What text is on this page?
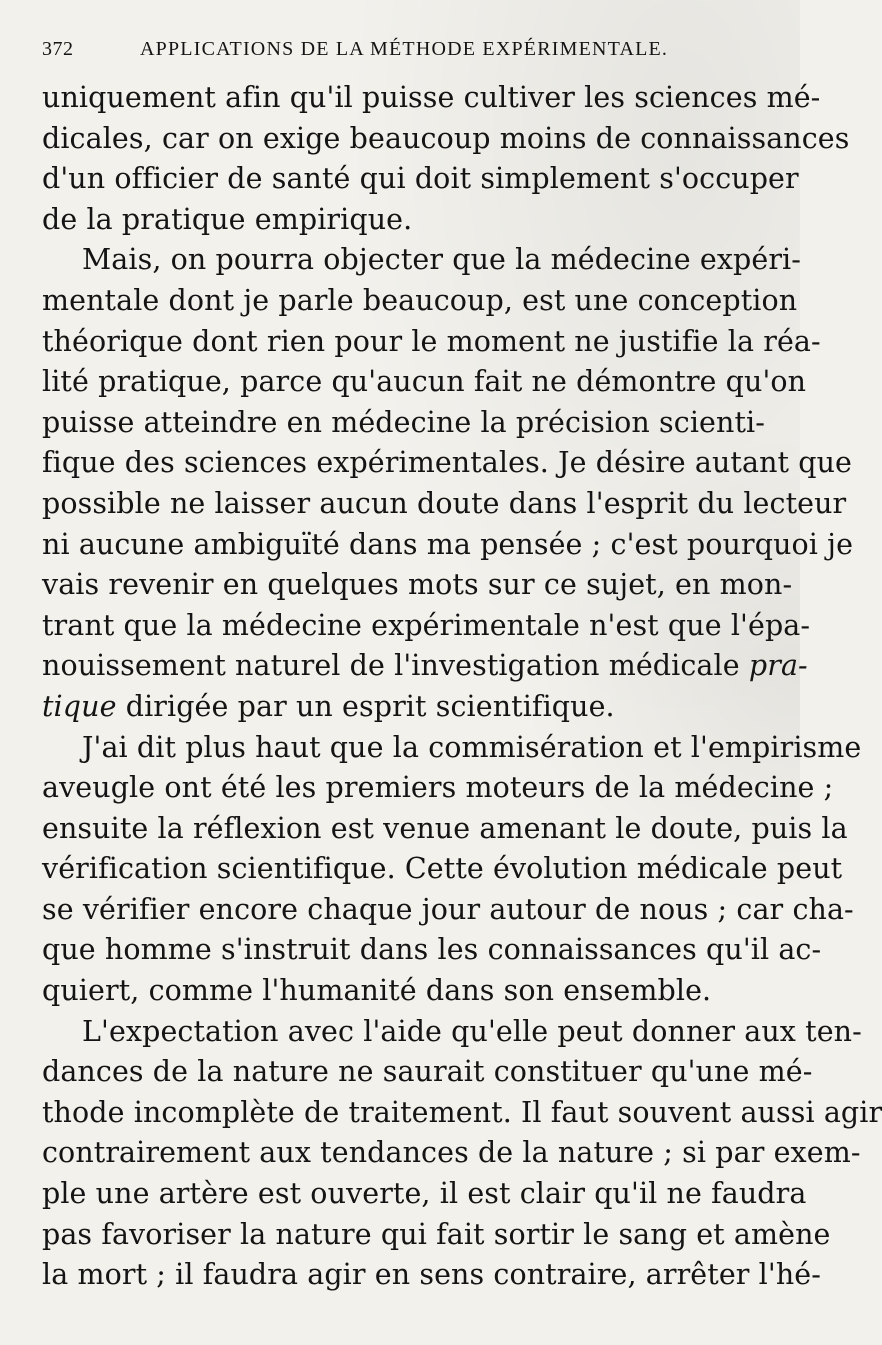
372	APPLICATIONS DE LA MÉTHODE EXPÉRIMENTALE.
uniquement afin qu'il puisse cultiver les sciences mé-
dicales, car on exige beaucoup moins de connaissances
d'un officier de santé qui doit simplement s'occuper
de la pratique empirique.
Mais, on pourra objecter que la médecine expéri-
mentale dont je parle beaucoup, est une conception
théorique dont rien pour le moment ne justifie la réa-
lité pratique, parce qu'aucun fait ne démontre qu'on
puisse atteindre en médecine la précision scienti-
fique des sciences expérimentales. Je désire autant que
possible ne laisser aucun doute dans l'esprit du lecteur
ni aucune ambiguïté dans ma pensée ; c'est pourquoi je
vais revenir en quelques mots sur ce sujet, en mon-
trant que la médecine expérimentale n'est que l'épa-
nouissement naturel de l'investigation médicale pra-
tique dirigée par un esprit scientifique.
J'ai dit plus haut que la commisération et l'empirisme
aveugle ont été les premiers moteurs de la médecine ;
ensuite la réflexion est venue amenant le doute, puis la
vérification scientifique. Cette évolution médicale peut
se vérifier encore chaque jour autour de nous ; car cha-
que homme s'instruit dans les connaissances qu'il ac-
quiert, comme l'humanité dans son ensemble.
L'expectation avec l'aide qu'elle peut donner aux ten-
dances de la nature ne saurait constituer qu'une mé-
thode incomplète de traitement. Il faut souvent aussi agir
contrairement aux tendances de la nature ; si par exem-
ple une artère est ouverte, il est clair qu'il ne faudra
pas favoriser la nature qui fait sortir le sang et amène
la mort ; il faudra agir en sens contraire, arrêter l'hé-
